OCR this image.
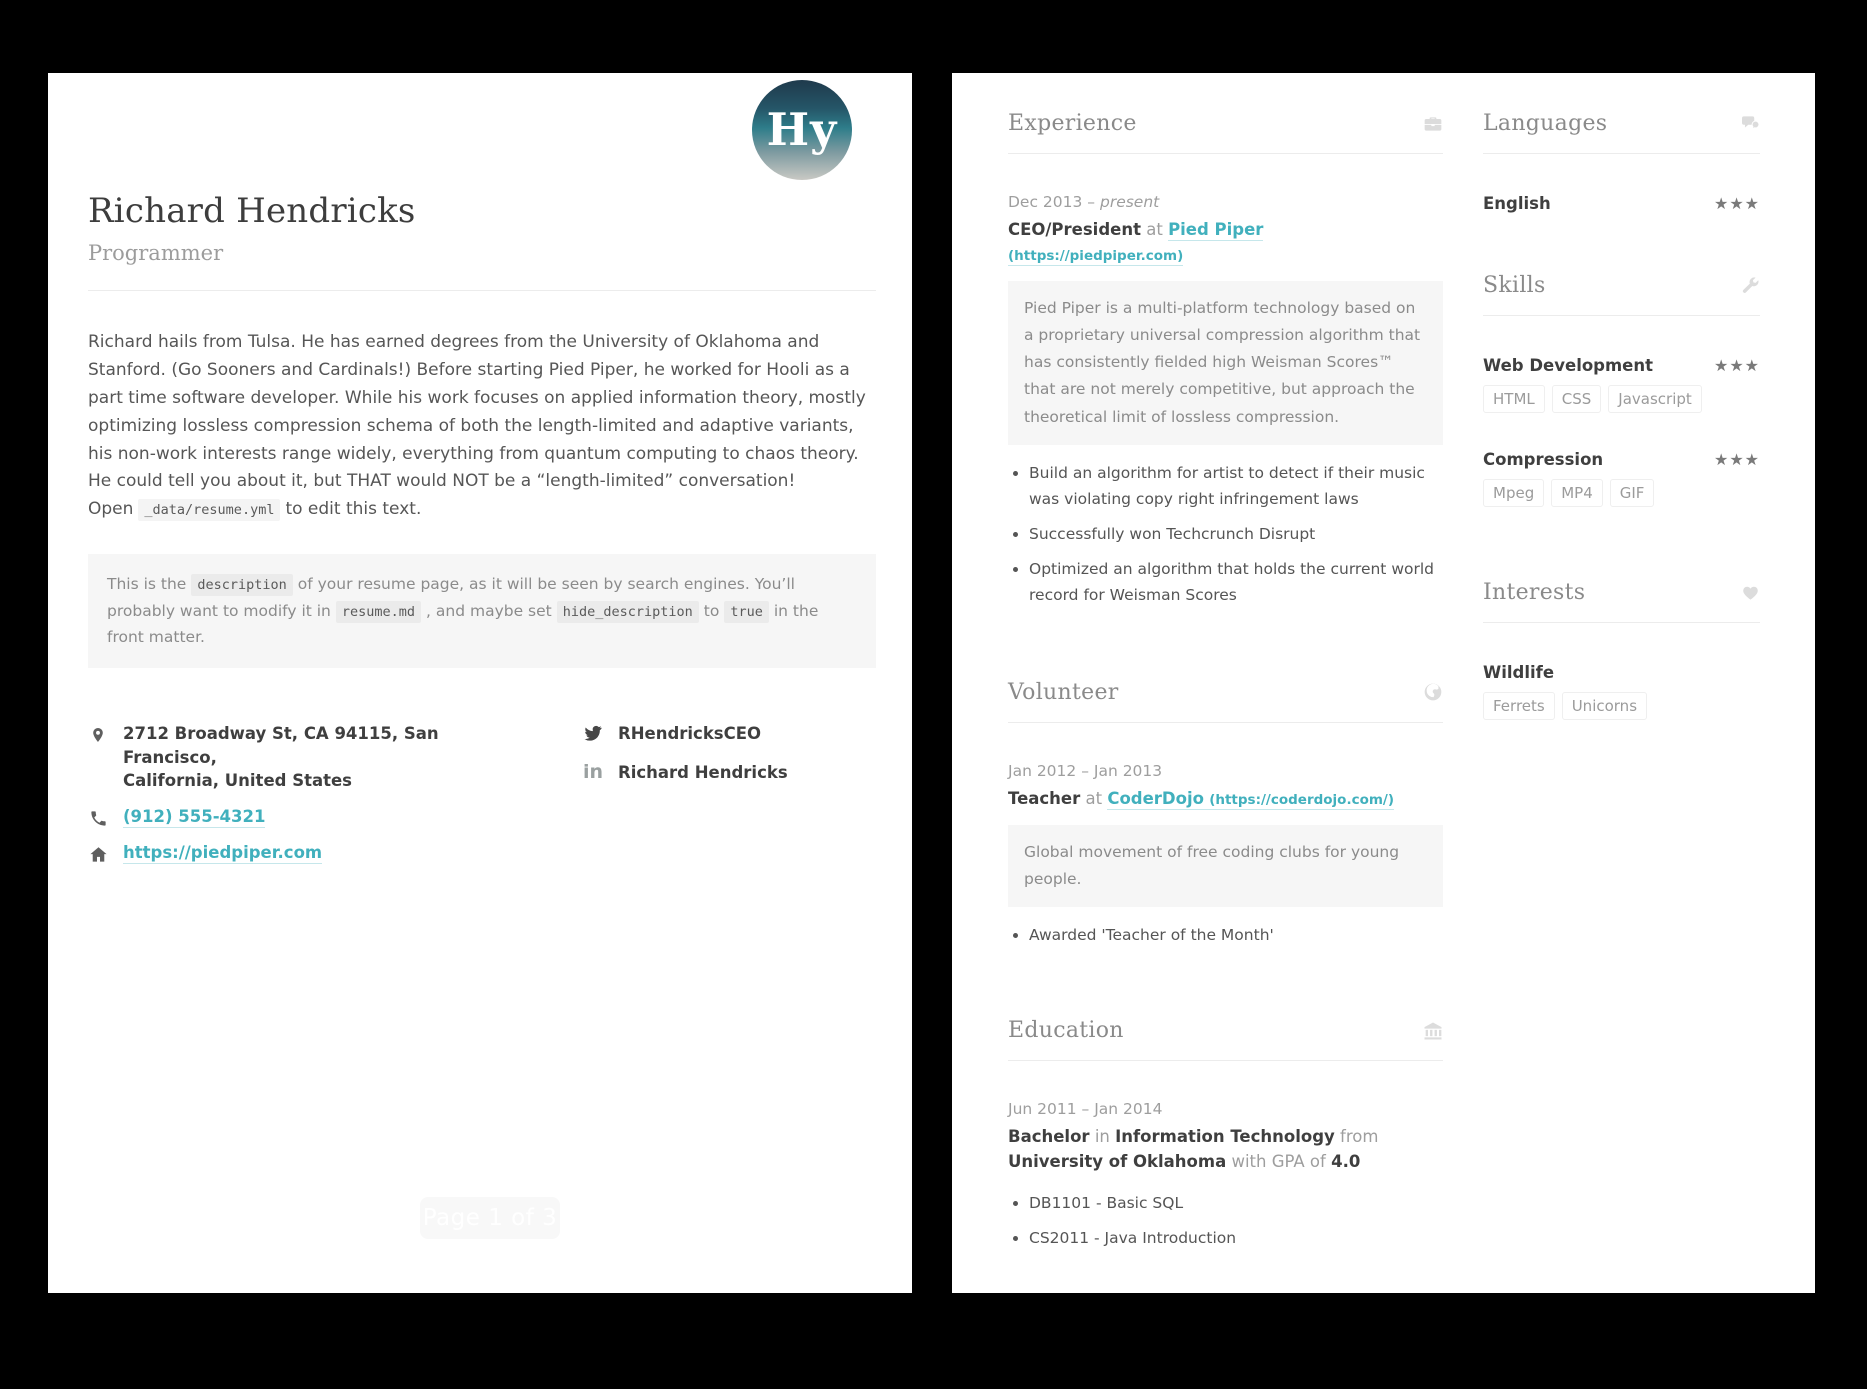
Richard Hendricks

Programmer

Hy

Richard hails from Tulsa. He has earned degrees from the University of Oklahoma and Stanford. (Go Sooners and Cardinals!) Before starting Pied Piper, he worked for Hooli as a part time software developer. While his work focuses on applied information theory, mostly optimizing lossless compression schema of both the length-limited and adaptive variants, his non-work interests range widely, everything from quantum computing to chaos theory. He could tell you about it, but THAT would NOT be a “length-limited” conversation! Open _data/resume.yml to edit this text.

This is the description of your resume page, as it will be seen by search engines. You’ll probably want to modify it in resume.md , and maybe set hide_description to true in the front matter.
2712 Broadway St, CA 94115, San Francisco,
California, United States
(912) 555-4321
https://piedpiper.com
RHendricksCEO
in Richard Hendricks
Page 1 of 3
Experience
Dec 2013 – present
CEO/President at Pied Piper (https://piedpiper.com)
Pied Piper is a multi-platform technology based on a proprietary universal compression algorithm that has consistently fielded high Weisman Scores™ that are not merely competitive, but approach the theoretical limit of lossless compression.
• Build an algorithm for artist to detect if their music was violating copy right infringement laws
• Successfully won Techcrunch Disrupt
• Optimized an algorithm that holds the current world record for Weisman Scores
Volunteer
Jan 2012 – Jan 2013
Teacher at CoderDojo (https://coderdojo.com/)
Global movement of free coding clubs for young people.
• Awarded 'Teacher of the Month'
Education
Jun 2011 – Jan 2014
Bachelor in Information Technology from University of Oklahoma with GPA of 4.0
• DB1101 - Basic SQL
• CS2011 - Java Introduction
Languages
English	★★★
Skills
Web Development	★★★
HTML	CSS	Javascript
Compression	★★★
Mpeg	MP4	GIF
Interests
Wildlife
Ferrets	Unicorns
